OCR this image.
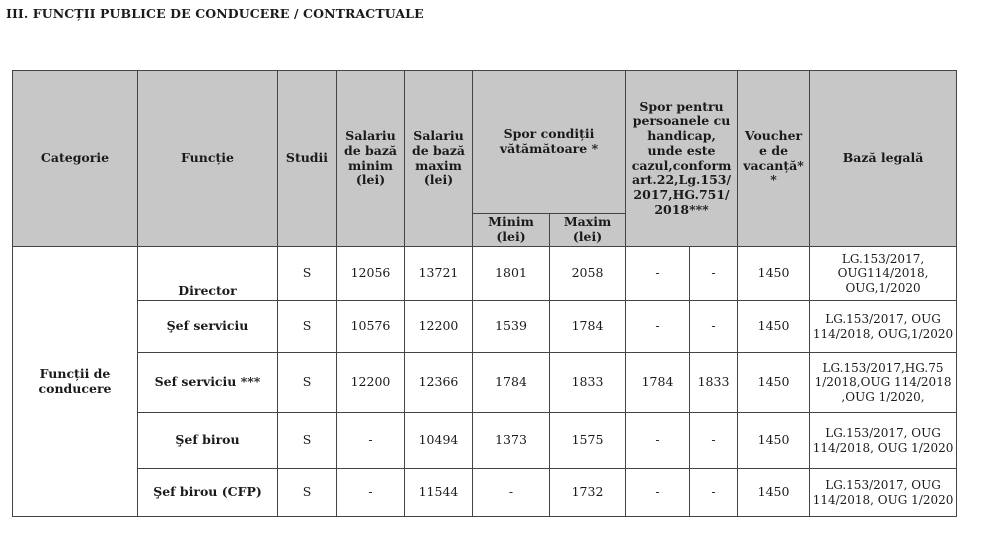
III. FUNCȚII PUBLICE DE CONDUCERE / CONTRACTUALE
Categorie	Funcție	Studii	Salariu de bază minim (lei)	Salariu de bază maxim (lei)	Spor condiții vătămătoare *		Spor pentru persoanele cu handicap, unde este cazul,conform art.22,Lg.153/ 2017,HG.751/ 2018***		Voucher e de vacanță* *	Bază legală
					Minim (lei)	Maxim (lei)				
Funcții de conducere	Director	S	12056	13721	1801	2058	-	-	1450	LG.153/2017, OUG114/2018, OUG,1/2020
	Şef serviciu	S	10576	12200	1539	1784	-	-	1450	LG.153/2017, OUG 114/2018, OUG,1/2020
	Sef serviciu ***	S	12200	12366	1784	1833	1784	1833	1450	LG.153/2017,HG.75 1/2018,OUG 114/2018 ,OUG 1/2020,
	Şef birou	S	-	10494	1373	1575	-	-	1450	LG.153/2017, OUG 114/2018, OUG 1/2020
	Şef birou (CFP)	S	-	11544	-	1732	-	-	1450	LG.153/2017, OUG 114/2018, OUG 1/2020
